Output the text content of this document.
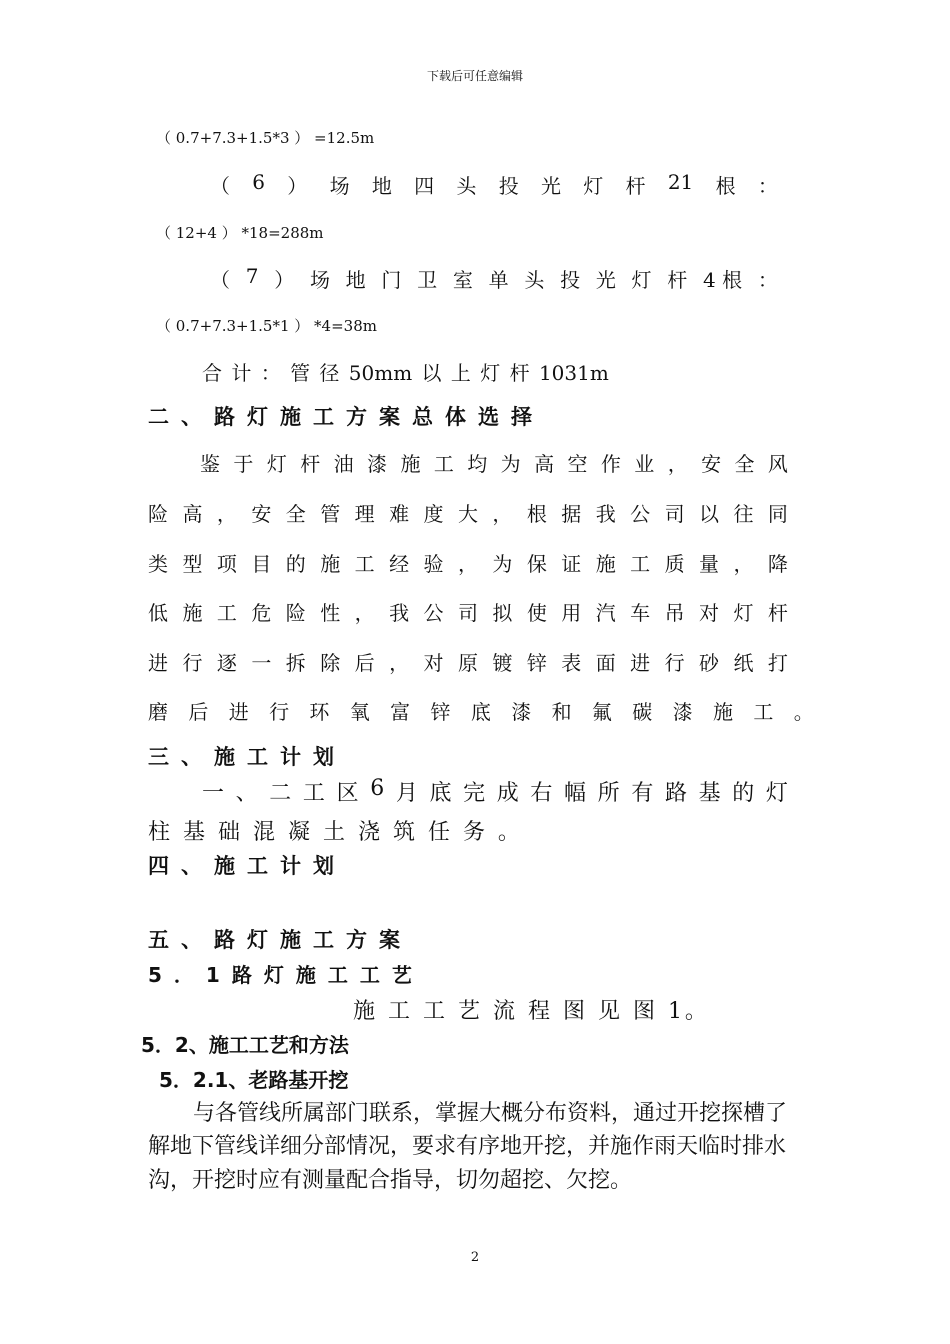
下载后可任意编辑

（ 0.7+7.3+1.5*3 ） =12.5m

（ 6 ） 场 地 四 头 投 光 灯 杆 21 根 ：

（ 12+4 ） *18=288m

（ 7 ） 场 地 门 卫 室 单 头 投 光 灯 杆 4 根 ：

（ 0.7+7.3+1.5*1 ） *4=38m

合 计 ： 管 径 50mm 以 上 灯 杆 1031m

二、路灯施工方案总体选择
鉴 于 灯 杆 油 漆 施 工 均 为 高 空 作 业 ， 安 全 风
险 高 ， 安 全 管 理 难 度 大 ， 根 据 我 公 司 以 往 同
类 型 项 目 的 施 工 经 验 ， 为 保 证 施 工 质 量 ， 降
低 施 工 危 险 性 ， 我 公 司 拟 使 用 汽 车 吊 对 灯 杆
进 行 逐 一 拆 除 后 ， 对 原 镀 锌 表 面 进 行 砂 纸 打
磨 后 进 行 环 氧 富 锌 底 漆 和 氟 碳 漆 施 工 。
三、施工计划
一 、 二 工 区 6 月 底 完 成 右 幅 所 有 路 基 的 灯

柱 基 础 混 凝 土 浇 筑 任 务 。

四、施工计划
五、路灯施工方案
5．1路灯施工工艺

施 工 工 艺 流 程 图 见 图 1。

5．2、施工工艺和方法
5．2.1、老路基开挖

与各管线所属部门联系，掌握大概分布资料，通过开挖探槽了

解地下管线详细分部情况，要求有序地开挖，并施作雨天临时排水

沟，开挖时应有测量配合指导，切勿超挖、欠挖。

2
